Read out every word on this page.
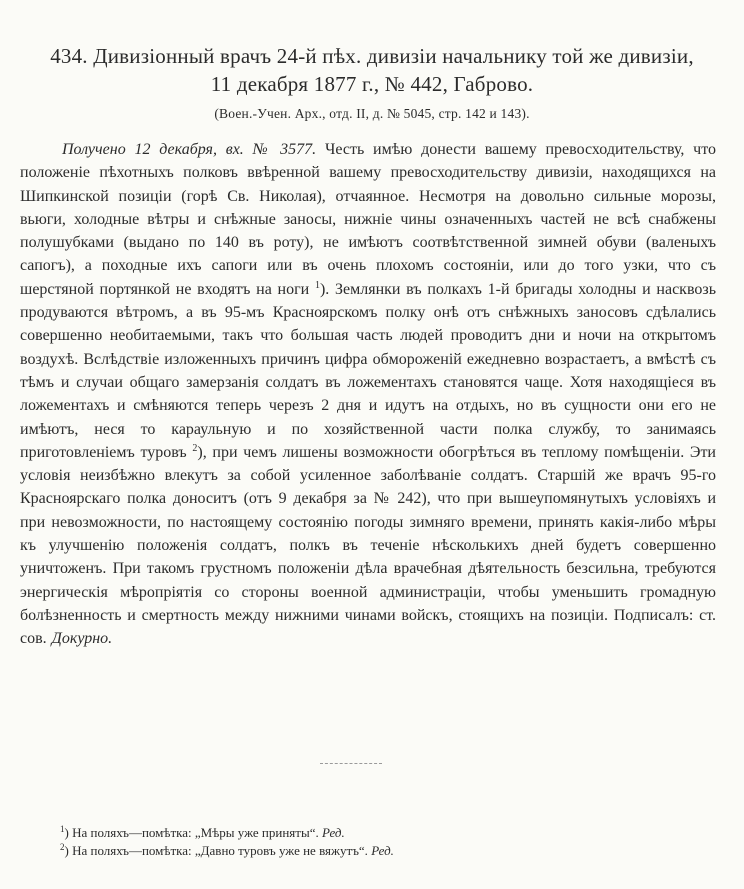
434. Дивизіонный врачъ 24-й пѣх. дивизіи начальнику той же дивизіи,
11 декабря 1877 г., № 442, Габрово.
(Воен.-Учен. Арх., отд. II, д. № 5045, стр. 142 и 143).
Получено 12 декабря, вх. № 3577. Честь имѣю донести вашему превосходительству, что положеніе пѣхотныхъ полковъ ввѣренной вашему превосходительству дивизіи, находящихся на Шипкинской позиціи (горѣ Св. Николая), отчаянное. Несмотря на довольно сильные морозы, вьюги, холодные вѣтры и снѣжные заносы, нижніе чины означенныхъ частей не всѣ снабжены полушубками (выдано по 140 въ роту), не имѣютъ соотвѣтственной зимней обуви (валеныхъ сапогъ), а походные ихъ сапоги или въ очень плохомъ состояніи, или до того узки, что съ шерстяной портянкой не входятъ на ноги $^1$). Землянки въ полкахъ 1-й бригады холодны и насквозь продуваются вѣтромъ, а въ 95-мъ Красноярскомъ полку онѣ отъ снѣжныхъ заносовъ сдѣлались совершенно необитаемыми, такъ что большая часть людей проводитъ дни и ночи на открытомъ воздухѣ. Вслѣдствіе изложенныхъ причинъ цифра обмороженій ежедневно возрастаетъ, а вмѣстѣ съ тѣмъ и случаи общаго замерзанія солдатъ въ ложементахъ становятся чаще. Хотя находящіеся въ ложементахъ и смѣняются теперь черезъ 2 дня и идутъ на отдыхъ, но въ сущности они его не имѣютъ, неся то караульную и по хозяйственной части полка службу, то занимаясь приготовленіемъ туровъ $^2$), при чемъ лишены возможности обогрѣться въ теплому помѣщеніи. Эти условія неизбѣжно влекутъ за собой усиленное заболѣваніе солдатъ. Старшій же врачъ 95-го Красноярскаго полка доноситъ (отъ 9 декабря за № 242), что при вышеупомянутыхъ условіяхъ и при невозможности, по настоящему состоянію погоды зимняго времени, принять какія-либо мѣры къ улучшенію положенія солдатъ, полкъ въ теченіе нѣсколькихъ дней будетъ совершенно уничтоженъ. При такомъ грустномъ положеніи дѣла врачебная дѣятельность безсильна, требуются энергическія мѣропріятія со стороны военной администраціи, чтобы уменьшить громадную болѣзненность и смертность между нижними чинами войскъ, стоящихъ на позиціи. Подписалъ: ст. сов. Докурно.
$^1$) На поляхъ—помѣтка: „Мѣры уже приняты“. Ред.
$^2$) На поляхъ—помѣтка: „Давно туровъ уже не вяжутъ“. Ред.
